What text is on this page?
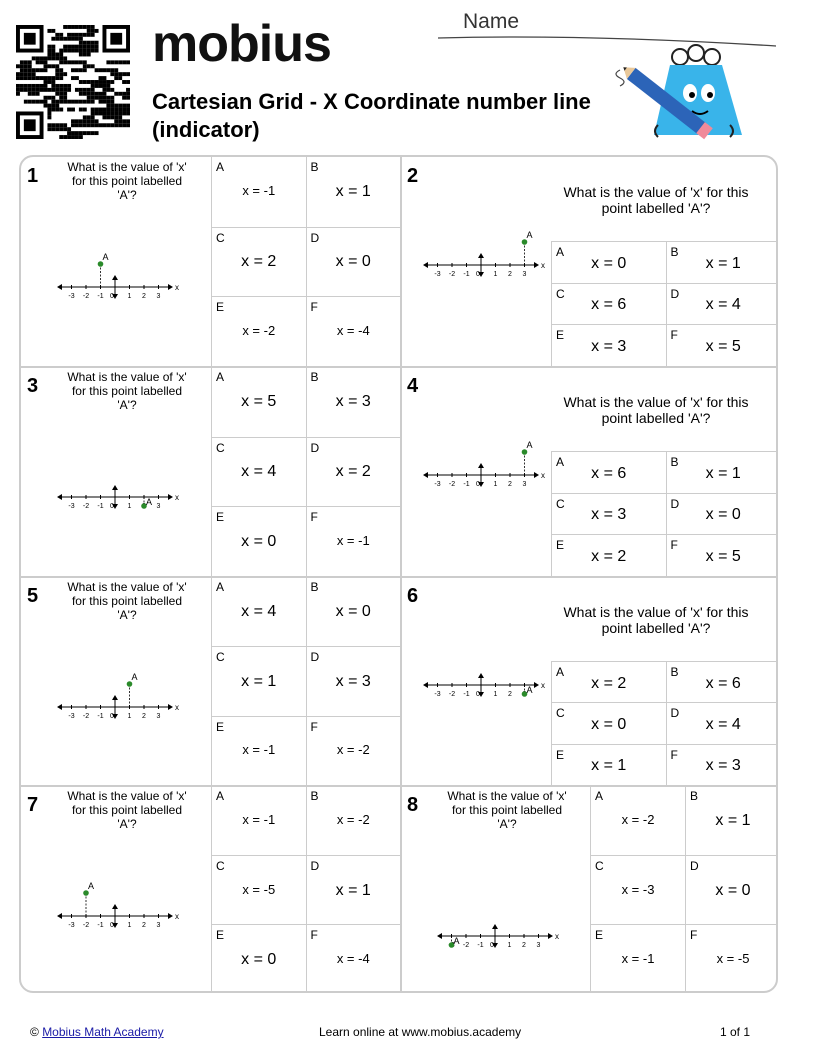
mobius
Cartesian Grid - X Coordinate number line (indicator)
Name
1	What is the value of 'x' for this point labelled 'A'?
-3 -2 -1 0 1 2 3
x
A
A
x = -1
B
x = 1
C
x = 2
D
x = 0
E
x = -2
F
x = -4
2
What is the value of 'x' for this point labelled 'A'?
-3 -2 -1 0 1 2 3
x
A
A
x = 0
B
x = 1
C
x = 6
D
x = 4
E
x = 3
F
x = 5
3	What is the value of 'x' for this point labelled 'A'?
-3 -2 -1 0 1	3
x
A
A
x = 5
B
x = 3
C
x = 4
D
x = 2
E
x = 0
F
x = -1
4
What is the value of 'x' for this point labelled 'A'?
-3 -2 -1 0 1 2 3
x
A
A
x = 6
B
x = 1
C
x = 3
D
x = 0
E
x = 2
F
x = 5
5	What is the value of 'x' for this point labelled 'A'?
-3 -2 -1 0 1 2 3
x
A
A
x = 4
B
x = 0
C
x = 1
D
x = 3
E
x = -1
F
x = -2
6
What is the value of 'x' for this point labelled 'A'?
-3 -2 -1 0 1 2
x
A
A
x = 2
B
x = 6
C
x = 0
D
x = 4
E
x = 1
F
x = 3
7	What is the value of 'x' for this point labelled 'A'?
-3 -2 -1 0 1 2 3
x
A
A
x = -1
B
x = -2
C
x = -5
D
x = 1
E
x = 0
F
x = -4
8	What is the value of 'x' for this point labelled 'A'?
-2 -1 0 1 2 3
x
A
A
x = -2
B
x = 1
C
x = -3
D
x = 0
E
x = -1
F
x = -5
© Mobius Math Academy	Learn online at www.mobius.academy	1 of 1
